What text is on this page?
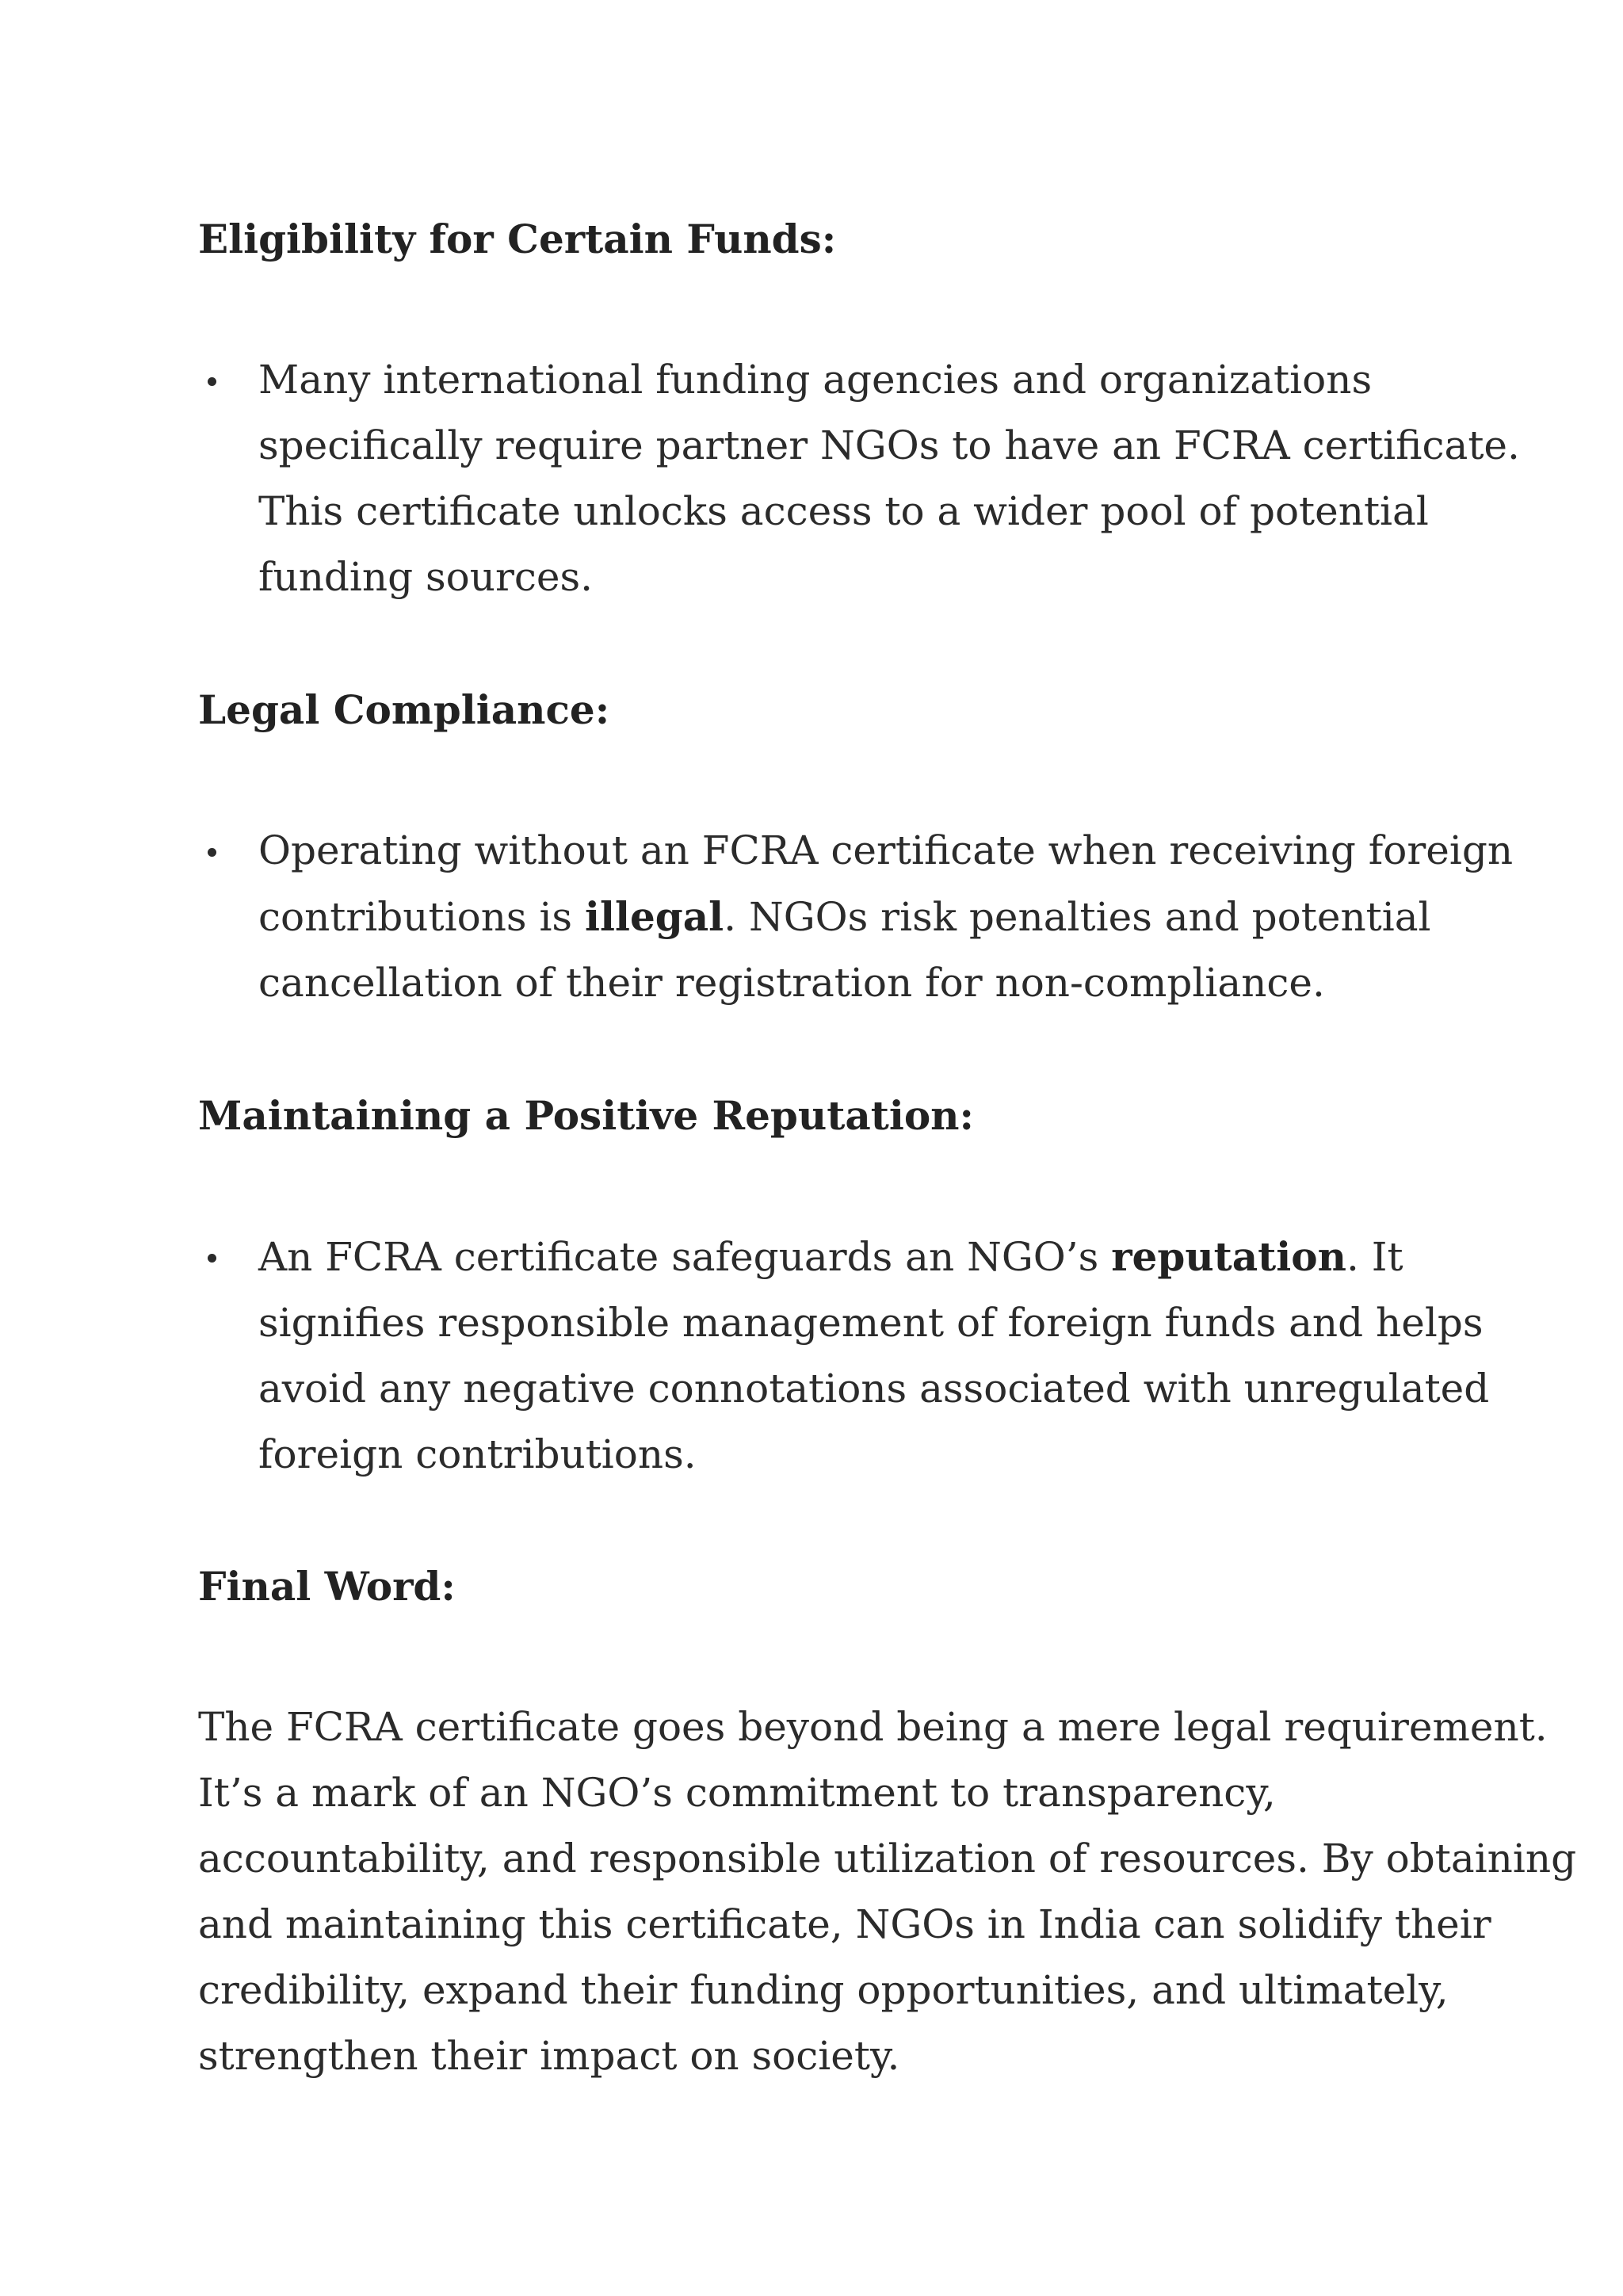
Eligibility for Certain Funds:
Many international funding agencies and organizations
specifically require partner NGOs to have an FCRA certificate.
This certificate unlocks access to a wider pool of potential
funding sources.
Legal Compliance:
Operating without an FCRA certificate when receiving foreign
contributions is illegal. NGOs risk penalties and potential
cancellation of their registration for non-compliance.
Maintaining a Positive Reputation:
An FCRA certificate safeguards an NGO’s reputation. It
signifies responsible management of foreign funds and helps
avoid any negative connotations associated with unregulated
foreign contributions.
Final Word:
The FCRA certificate goes beyond being a mere legal requirement.
It’s a mark of an NGO’s commitment to transparency,
accountability, and responsible utilization of resources. By obtaining
and maintaining this certificate, NGOs in India can solidify their
credibility, expand their funding opportunities, and ultimately,
strengthen their impact on society.
